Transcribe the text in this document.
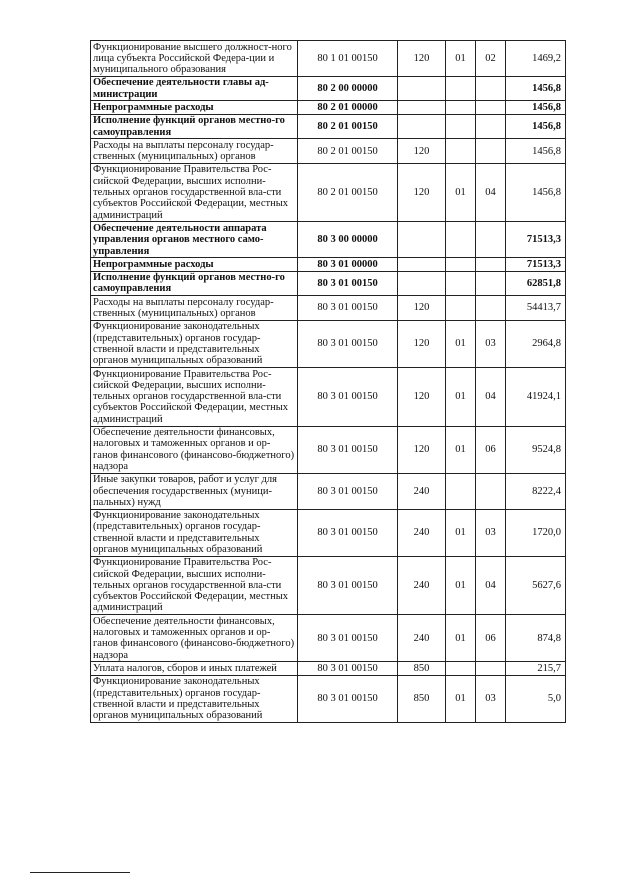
Функционирование высшего должност-ного лица субъекта Российской Федера-ции и муниципального образования	80 1 01 00150	120	01	02	1469,2
Обеспечение деятельности главы ад-министрации	80 2 00 00000				1456,8
Непрограммные расходы	80 2 01 00000				1456,8
Исполнение функций органов местно-го самоуправления	80 2 01 00150				1456,8
Расходы на выплаты персоналу государ-ственных (муниципальных) органов	80 2 01 00150	120			1456,8
Функционирование Правительства Рос-сийской Федерации, высших исполни-тельных органов государственной вла-сти субъектов Российской Федерации, местных администраций	80 2 01 00150	120	01	04	1456,8
Обеспечение деятельности аппарата управления органов местного само-управления	80 3 00 00000				71513,3
Непрограммные расходы	80 3 01 00000				71513,3
Исполнение функций органов местно-го самоуправления	80 3 01 00150				62851,8
Расходы на выплаты персоналу государ-ственных (муниципальных) органов	80 3 01 00150	120			54413,7
Функционирование законодательных (представительных) органов государ-ственной власти и представительных органов муниципальных образований	80 3 01 00150	120	01	03	2964,8
Функционирование Правительства Рос-сийской Федерации, высших исполни-тельных органов государственной вла-сти субъектов Российской Федерации, местных администраций	80 3 01 00150	120	01	04	41924,1
Обеспечение деятельности финансовых, налоговых и таможенных органов и ор-ганов финансового (финансово-бюджетного) надзора	80 3 01 00150	120	01	06	9524,8
Иные закупки товаров, работ и услуг для обеспечения государственных (муници-пальных) нужд	80 3 01 00150	240			8222,4
Функционирование законодательных (представительных) органов государ-ственной власти и представительных органов муниципальных образований	80 3 01 00150	240	01	03	1720,0
Функционирование Правительства Рос-сийской Федерации, высших исполни-тельных органов государственной вла-сти субъектов Российской Федерации, местных администраций	80 3 01 00150	240	01	04	5627,6
Обеспечение деятельности финансовых, налоговых и таможенных органов и ор-ганов финансового (финансово-бюджетного) надзора	80 3 01 00150	240	01	06	874,8
Уплата налогов, сборов и иных платежей	80 3 01 00150	850			215,7
Функционирование законодательных (представительных) органов государ-ственной власти и представительных органов муниципальных образований	80 3 01 00150	850	01	03	5,0
